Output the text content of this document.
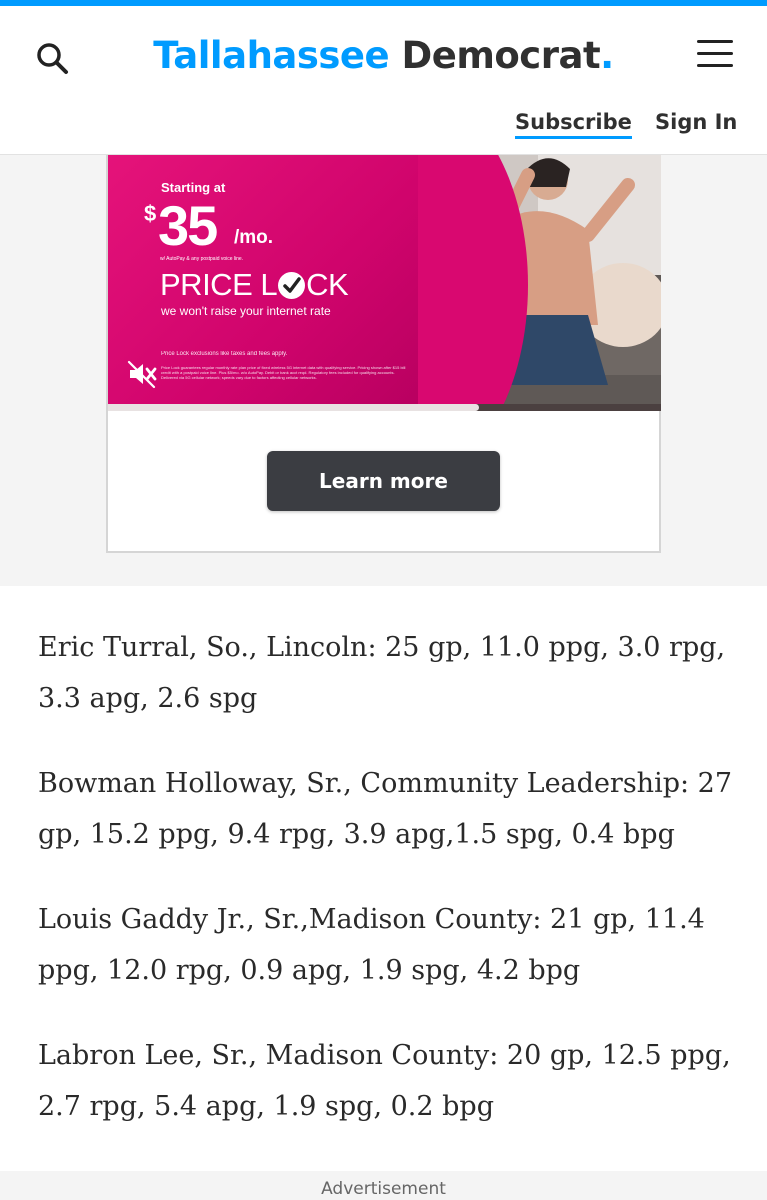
Tallahassee Democrat.
Subscribe Sign In
Starting at
$ 35 /mo.
w/ AutoPay & any postpaid voice line.
PRICE L CK
we won't raise your internet rate
Price Lock exclusions like taxes and fees apply.
Price Lock guarantees regular monthly rate plan price of fixed wireless 5G internet data with qualifying service. Pricing shown after $15 bill credit with a postpaid voice line. Plus $5/mo. w/o AutoPay. Debit or bank acct reqd. Regulatory fees included for qualifying accounts. Delivered via 5G cellular network; speeds vary due to factors affecting cellular networks.
Learn more

Eric Turral, So., Lincoln: 25 gp, 11.0 ppg, 3.0 rpg, 3.3 apg, 2.6 spg

Bowman Holloway, Sr., Community Leadership: 27 gp, 15.2 ppg, 9.4 rpg, 3.9 apg,1.5 spg, 0.4 bpg

Louis Gaddy Jr., Sr.,Madison County: 21 gp, 11.4 ppg, 12.0 rpg, 0.9 apg, 1.9 spg, 4.2 bpg

Labron Lee, Sr., Madison County: 20 gp, 12.5 ppg, 2.7 rpg, 5.4 apg, 1.9 spg, 0.2 bpg

Advertisement
